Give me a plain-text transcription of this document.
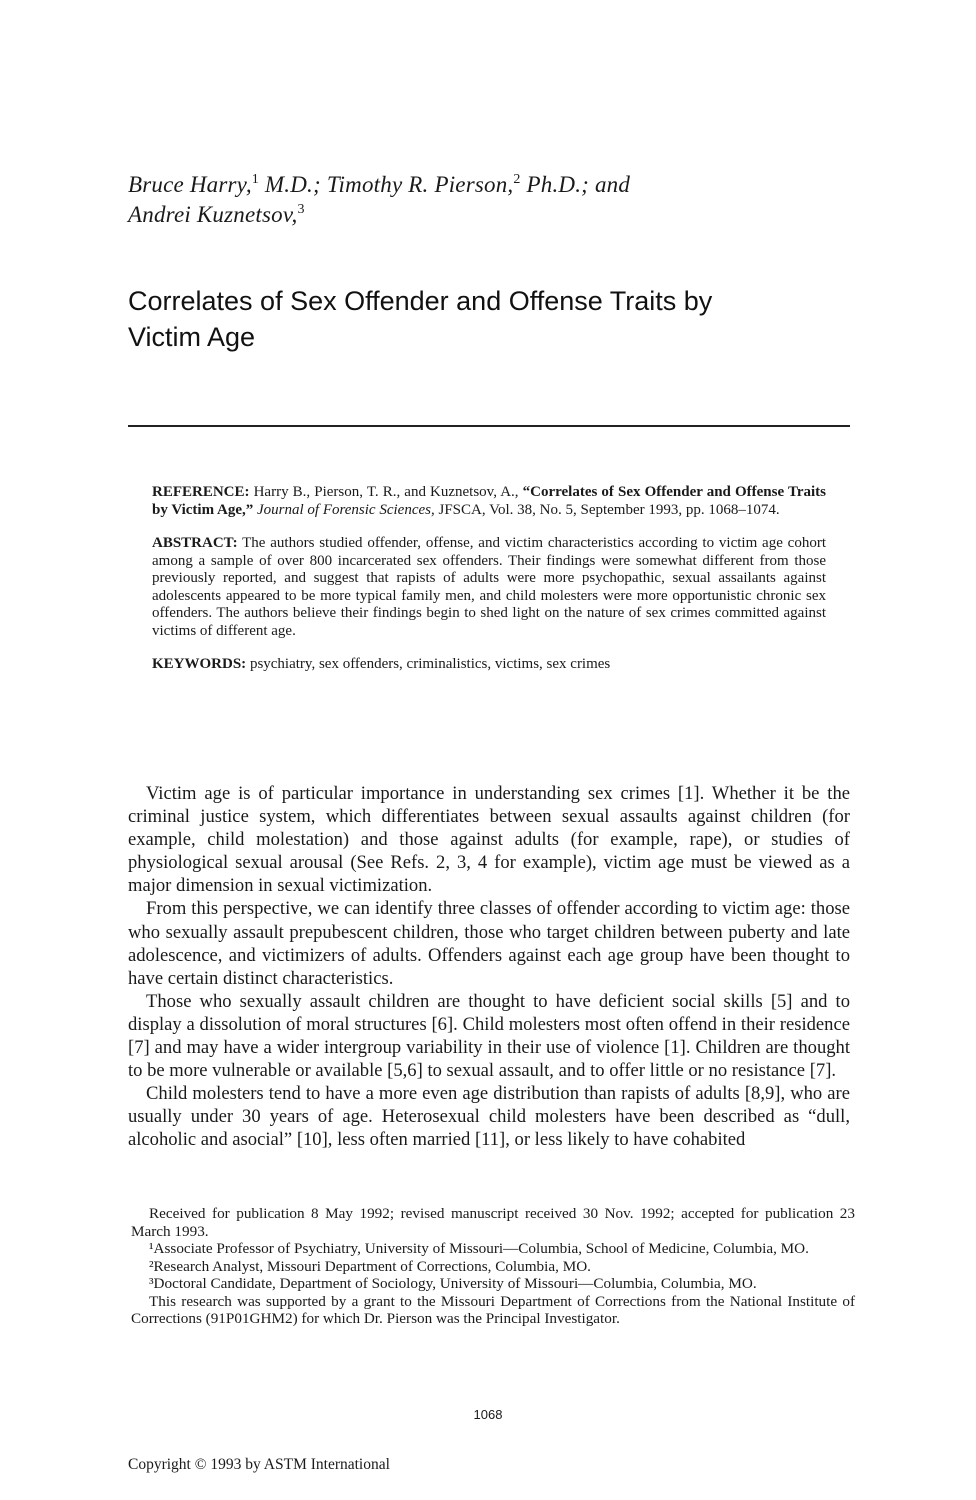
Bruce Harry,$^1$ M.D.; Timothy R. Pierson,$^2$ Ph.D.; and
Andrei Kuznetsov,$^3$
Correlates of Sex Offender and Offense Traits by
Victim Age

REFERENCE: Harry B., Pierson, T. R., and Kuznetsov, A., “Correlates of Sex Offender and Offense Traits by Victim Age,” Journal of Forensic Sciences, JFSCA, Vol. 38, No. 5, September 1993, pp. 1068–1074.

ABSTRACT: The authors studied offender, offense, and victim characteristics according to victim age cohort among a sample of over 800 incarcerated sex offenders. Their findings were somewhat different from those previously reported, and suggest that rapists of adults were more psychopathic, sexual assailants against adolescents appeared to be more typical family men, and child molesters were more opportunistic chronic sex offenders. The authors believe their findings begin to shed light on the nature of sex crimes committed against victims of different age.

KEYWORDS: psychiatry, sex offenders, criminalistics, victims, sex crimes

Victim age is of particular importance in understanding sex crimes [1]. Whether it be the criminal justice system, which differentiates between sexual assaults against children (for example, child molestation) and those against adults (for example, rape), or studies of physiological sexual arousal (See Refs. 2, 3, 4 for example), victim age must be viewed as a major dimension in sexual victimization.

From this perspective, we can identify three classes of offender according to victim age: those who sexually assault prepubescent children, those who target children between puberty and late adolescence, and victimizers of adults. Offenders against each age group have been thought to have certain distinct characteristics.

Those who sexually assault children are thought to have deficient social skills [5] and to display a dissolution of moral structures [6]. Child molesters most often offend in their residence [7] and may have a wider intergroup variability in their use of violence [1]. Children are thought to be more vulnerable or available [5,6] to sexual assault, and to offer little or no resistance [7].

Child molesters tend to have a more even age distribution than rapists of adults [8,9], who are usually under 30 years of age. Heterosexual child molesters have been described as “dull, alcoholic and asocial” [10], less often married [11], or less likely to have cohabited

Received for publication 8 May 1992; revised manuscript received 30 Nov. 1992; accepted for publication 23 March 1993.

¹Associate Professor of Psychiatry, University of Missouri—Columbia, School of Medicine, Columbia, MO.

²Research Analyst, Missouri Department of Corrections, Columbia, MO.

³Doctoral Candidate, Department of Sociology, University of Missouri—Columbia, Columbia, MO.

This research was supported by a grant to the Missouri Department of Corrections from the National Institute of Corrections (91P01GHM2) for which Dr. Pierson was the Principal Investigator.

1068
Copyright © 1993 by ASTM International
